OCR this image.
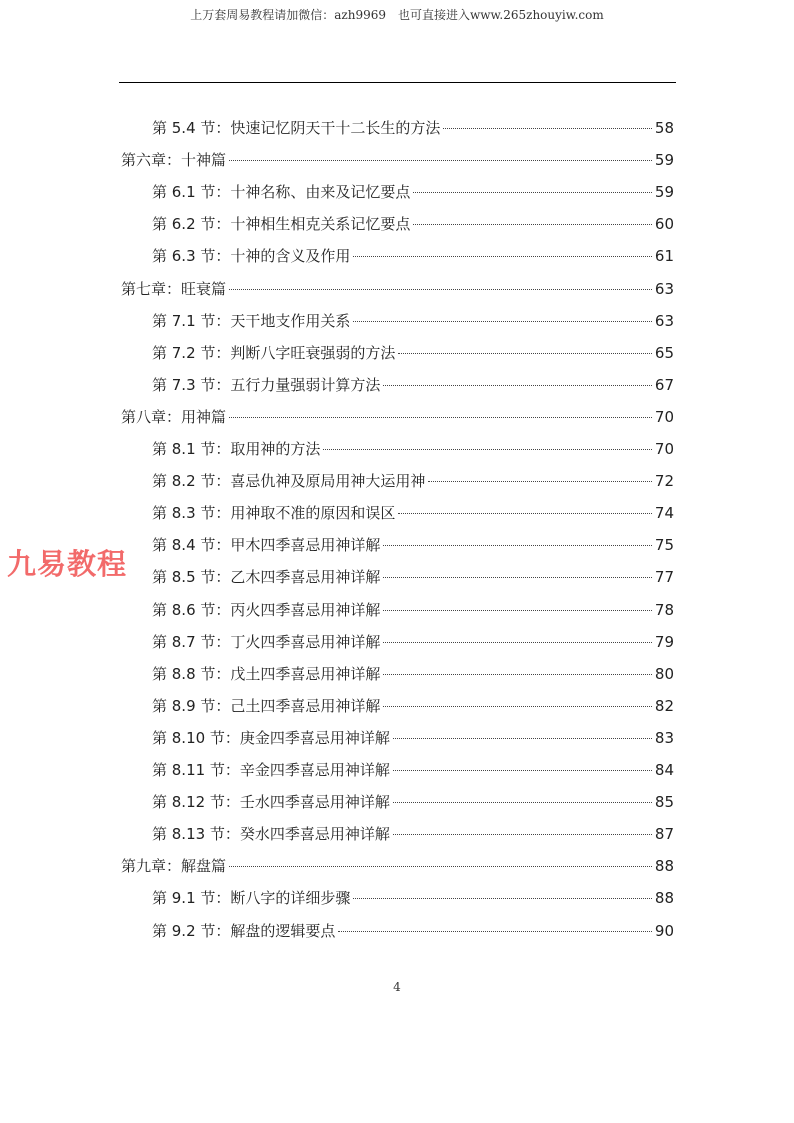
上万套周易教程请加微信：azh9969　也可直接进入www.265zhouyiw.com
第 5.4 节：快速记忆阴天干十二长生的方法	58
第六章：十神篇	59
第 6.1 节：十神名称、由来及记忆要点	59
第 6.2 节：十神相生相克关系记忆要点	60
第 6.3 节：十神的含义及作用	61
第七章：旺衰篇	63
第 7.1 节：天干地支作用关系	63
第 7.2 节：判断八字旺衰强弱的方法	65
第 7.3 节：五行力量强弱计算方法	67
第八章：用神篇	70
第 8.1 节：取用神的方法	70
第 8.2 节：喜忌仇神及原局用神大运用神	72
第 8.3 节：用神取不准的原因和误区	74
第 8.4 节：甲木四季喜忌用神详解	75
第 8.5 节：乙木四季喜忌用神详解	77
第 8.6 节：丙火四季喜忌用神详解	78
第 8.7 节：丁火四季喜忌用神详解	79
第 8.8 节：戊土四季喜忌用神详解	80
第 8.9 节：己土四季喜忌用神详解	82
第 8.10 节：庚金四季喜忌用神详解	83
第 8.11 节：辛金四季喜忌用神详解	84
第 8.12 节：壬水四季喜忌用神详解	85
第 8.13 节：癸水四季喜忌用神详解	87
第九章：解盘篇	88
第 9.1 节：断八字的详细步骤	88
第 9.2 节：解盘的逻辑要点	90
九易教程
4
